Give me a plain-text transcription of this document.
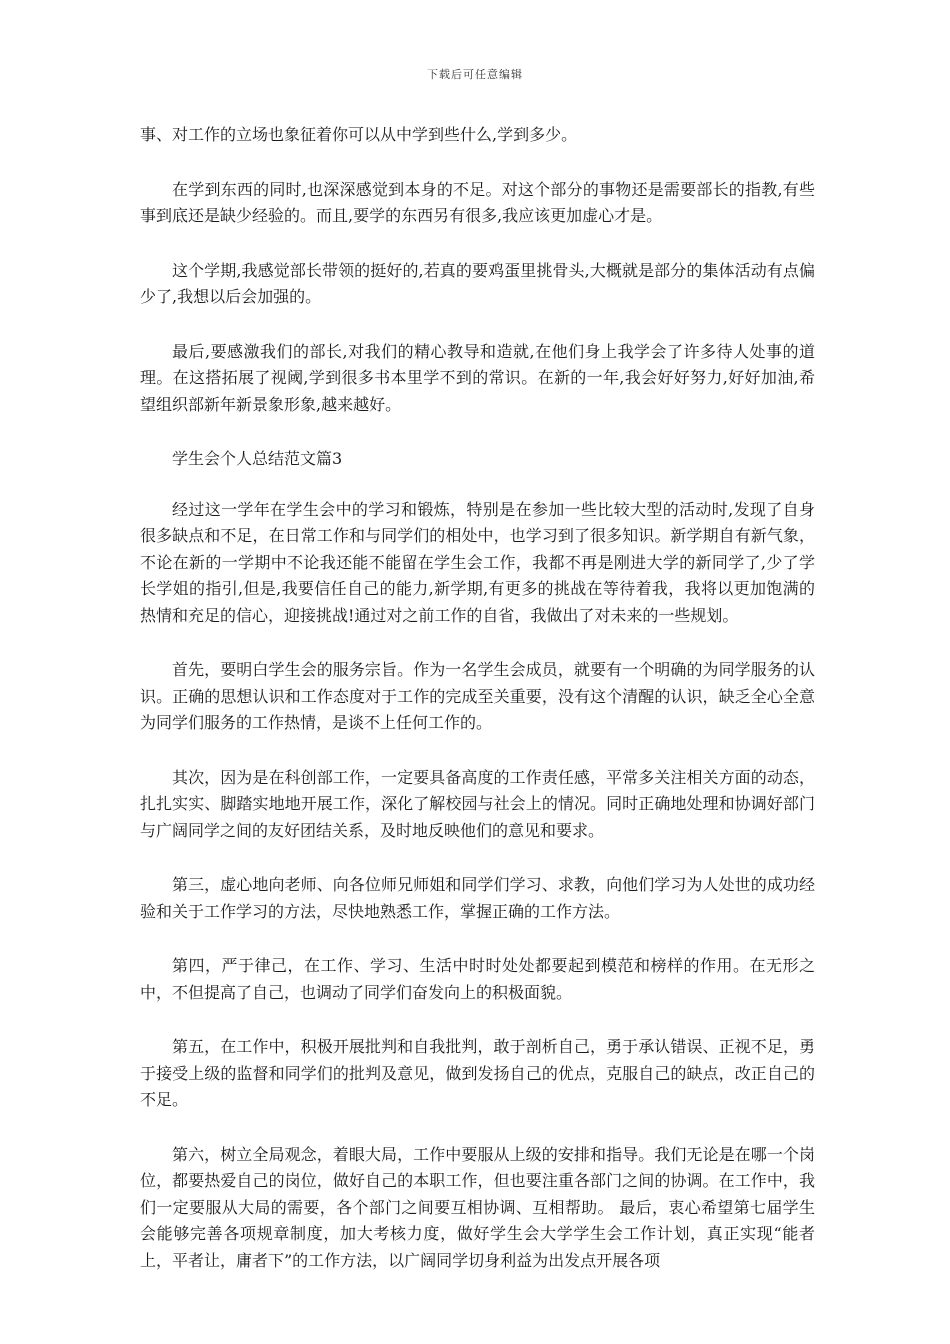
下载后可任意编辑

事、对工作的立场也象征着你可以从中学到些什么,学到多少。

在学到东西的同时,也深深感觉到本身的不足。对这个部分的事物还是需要部长的指教,有些事到底还是缺少经验的。而且,要学的东西另有很多,我应该更加虚心才是。

这个学期,我感觉部长带领的挺好的,若真的要鸡蛋里挑骨头,大概就是部分的集体活动有点偏少了,我想以后会加强的。

最后,要感激我们的部长,对我们的精心教导和造就,在他们身上我学会了许多待人处事的道理。在这搭拓展了视阈,学到很多书本里学不到的常识。在新的一年,我会好好努力,好好加油,希望组织部新年新景象形象,越来越好。

学生会个人总结范文篇3

经过这一学年在学生会中的学习和锻炼，特别是在参加一些比较大型的活动时,发现了自身很多缺点和不足，在日常工作和与同学们的相处中，也学习到了很多知识。新学期自有新气象，不论在新的一学期中不论我还能不能留在学生会工作，我都不再是刚进大学的新同学了,少了学长学姐的指引,但是,我要信任自己的能力,新学期,有更多的挑战在等待着我，我将以更加饱满的热情和充足的信心，迎接挑战!通过对之前工作的自省，我做出了对未来的一些规划。

首先，要明白学生会的服务宗旨。作为一名学生会成员，就要有一个明确的为同学服务的认识。正确的思想认识和工作态度对于工作的完成至关重要，没有这个清醒的认识，缺乏全心全意为同学们服务的工作热情，是谈不上任何工作的。

其次，因为是在科创部工作，一定要具备高度的工作责任感，平常多关注相关方面的动态，扎扎实实、脚踏实地地开展工作，深化了解校园与社会上的情况。同时正确地处理和协调好部门与广阔同学之间的友好团结关系，及时地反映他们的意见和要求。

第三，虚心地向老师、向各位师兄师姐和同学们学习、求教，向他们学习为人处世的成功经验和关于工作学习的方法，尽快地熟悉工作，掌握正确的工作方法。

第四，严于律己，在工作、学习、生活中时时处处都要起到模范和榜样的作用。在无形之中，不但提高了自己，也调动了同学们奋发向上的积极面貌。

第五，在工作中，积极开展批判和自我批判，敢于剖析自己，勇于承认错误、正视不足，勇于接受上级的监督和同学们的批判及意见，做到发扬自己的优点，克服自己的缺点，改正自己的不足。

第六，树立全局观念，着眼大局，工作中要服从上级的安排和指导。我们无论是在哪一个岗位，都要热爱自己的岗位，做好自己的本职工作，但也要注重各部门之间的协调。在工作中，我们一定要服从大局的需要，各个部门之间要互相协调、互相帮助。 最后，衷心希望第七届学生会能够完善各项规章制度，加大考核力度，做好学生会大学学生会工作计划，真正实现“能者上，平者让，庸者下”的工作方法，以广阔同学切身利益为出发点开展各项
